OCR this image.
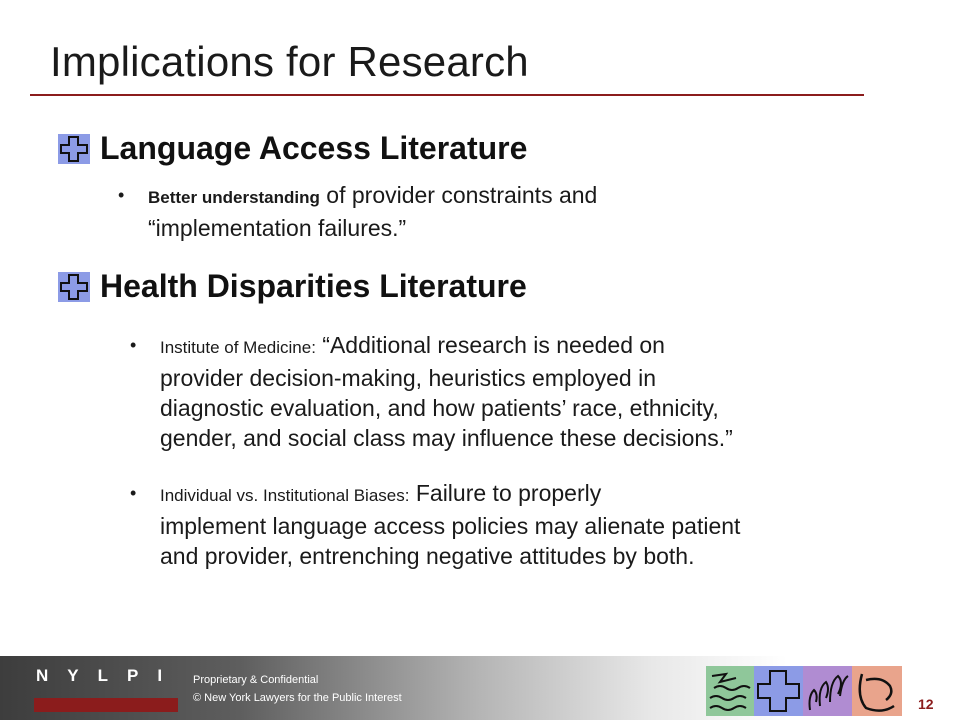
Implications for Research
Language Access Literature
•	Better understanding of provider constraints and
“implementation failures.”
Health Disparities Literature
•	Institute of Medicine: “Additional research is needed on
provider decision-making, heuristics employed in
diagnostic evaluation, and how patients’ race, ethnicity,
gender, and social class may influence these decisions.”
•	Individual vs. Institutional Biases: Failure to properly
implement language access policies may alienate patient
and provider, entrenching negative attitudes by both.
NYLPI Proprietary & Confidential
© New York Lawyers for the Public Interest	12
